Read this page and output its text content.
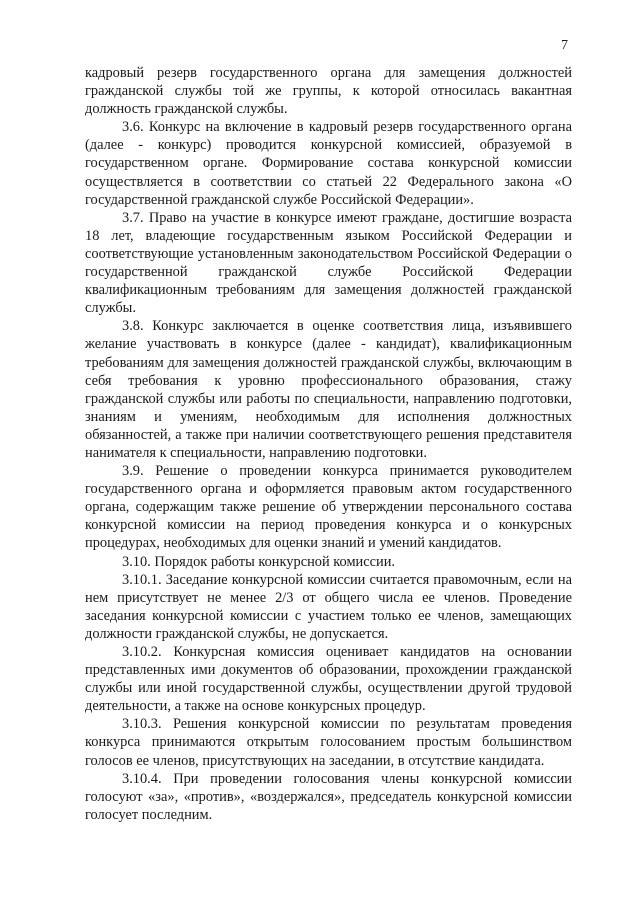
7

кадровый резерв государственного органа для замещения должностей гражданской службы той же группы, к которой относилась вакантная должность гражданской службы.

3.6. Конкурс на включение в кадровый резерв государственного органа (далее - конкурс) проводится конкурсной комиссией, образуемой в государственном органе. Формирование состава конкурсной комиссии осуществляется в соответствии со статьей 22 Федерального закона «О государственной гражданской службе Российской Федерации».

3.7. Право на участие в конкурсе имеют граждане, достигшие возраста 18 лет, владеющие государственным языком Российской Федерации и соответствующие установленным законодательством Российской Федерации о государственной гражданской службе Российской Федерации квалификационным требованиям для замещения должностей гражданской службы.

3.8. Конкурс заключается в оценке соответствия лица, изъявившего желание участвовать в конкурсе (далее - кандидат), квалификационным требованиям для замещения должностей гражданской службы, включающим в себя требования к уровню профессионального образования, стажу гражданской службы или работы по специальности, направлению подготовки, знаниям и умениям, необходимым для исполнения должностных обязанностей, а также при наличии соответствующего решения представителя нанимателя к специальности, направлению подготовки.

3.9. Решение о проведении конкурса принимается руководителем государственного органа и оформляется правовым актом государственного органа, содержащим также решение об утверждении персонального состава конкурсной комиссии на период проведения конкурса и о конкурсных процедурах, необходимых для оценки знаний и умений кандидатов.

3.10. Порядок работы конкурсной комиссии.

3.10.1. Заседание конкурсной комиссии считается правомочным, если на нем присутствует не менее 2/3 от общего числа ее членов. Проведение заседания конкурсной комиссии с участием только ее членов, замещающих должности гражданской службы, не допускается.

3.10.2. Конкурсная комиссия оценивает кандидатов на основании представленных ими документов об образовании, прохождении гражданской службы или иной государственной службы, осуществлении другой трудовой деятельности, а также на основе конкурсных процедур.

3.10.3. Решения конкурсной комиссии по результатам проведения конкурса принимаются открытым голосованием простым большинством голосов ее членов, присутствующих на заседании, в отсутствие кандидата.

3.10.4. При проведении голосования члены конкурсной комиссии голосуют «за», «против», «воздержался», председатель конкурсной комиссии голосует последним.
